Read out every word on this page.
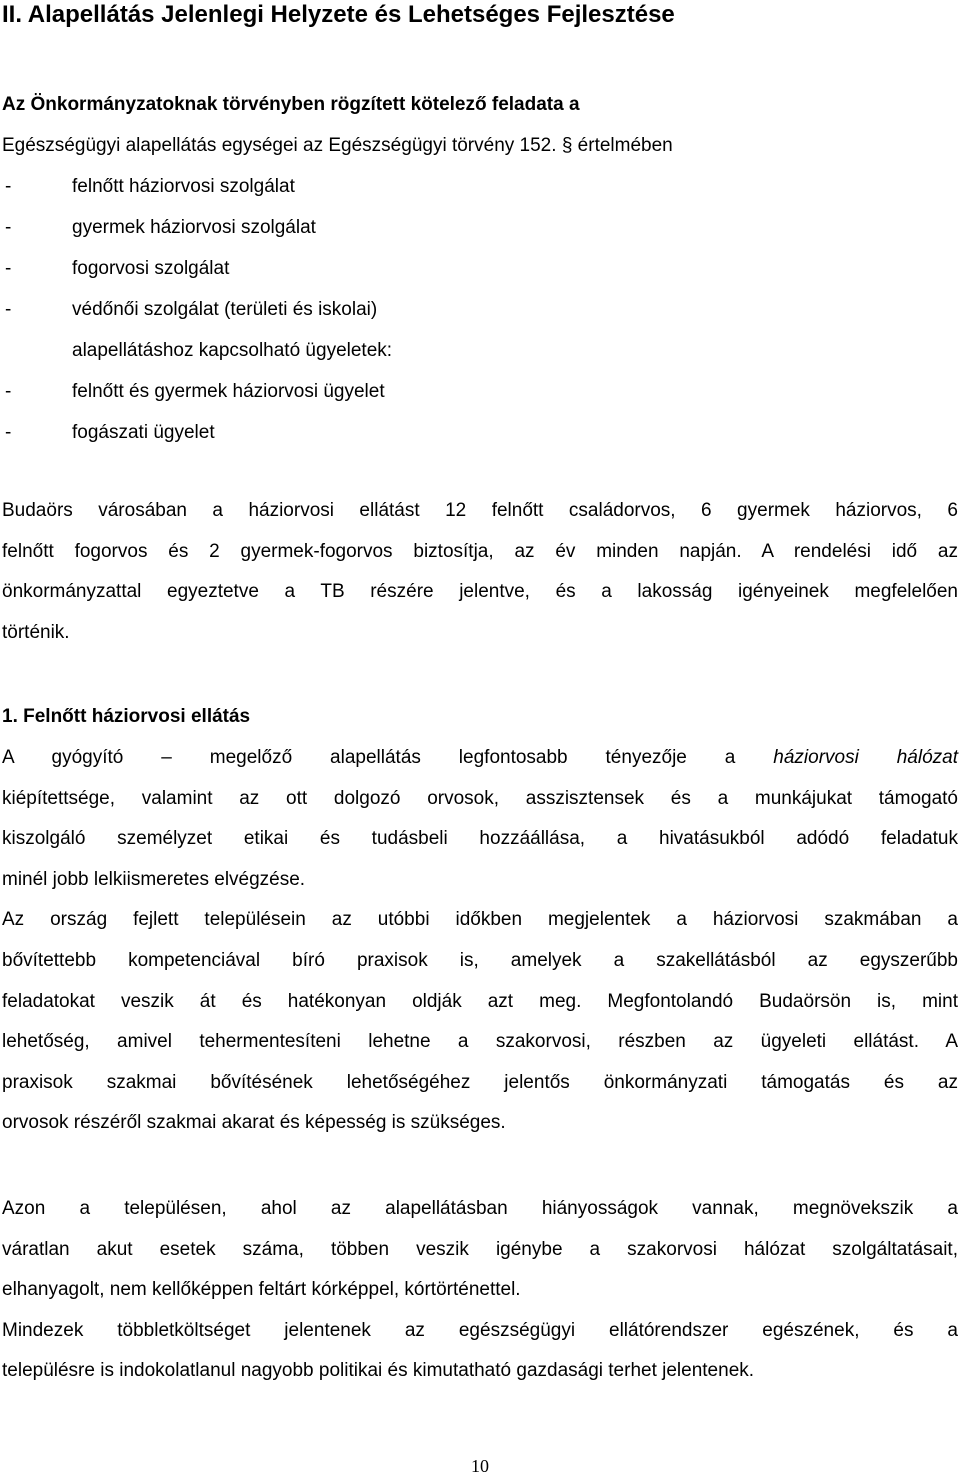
II. Alapellátás Jelenlegi Helyzete és Lehetséges Fejlesztése
Az Önkormányzatoknak törvényben rögzített kötelező feladata a
Egészségügyi alapellátás egységei az Egészségügyi törvény 152. § értelmében
-	felnőtt háziorvosi szolgálat
-	gyermek háziorvosi szolgálat
-	fogorvosi szolgálat
-	védőnői szolgálat (területi és iskolai)
alapellátáshoz kapcsolható ügyeletek:
-	felnőtt és gyermek háziorvosi ügyelet
-	fogászati ügyelet
Budaörs városában a háziorvosi ellátást 12 felnőtt családorvos, 6 gyermek háziorvos, 6
felnőtt fogorvos és 2 gyermek-fogorvos biztosítja, az év minden napján. A rendelési idő az
önkormányzattal egyeztetve a TB részére jelentve, és a lakosság igényeinek megfelelően
történik.
1. Felnőtt háziorvosi ellátás
A gyógyító – megelőző alapellátás legfontosabb tényezője a háziorvosi hálózat
kiépítettsége, valamint az ott dolgozó orvosok, asszisztensek és a munkájukat támogató
kiszolgáló személyzet etikai és tudásbeli hozzáállása, a hivatásukból adódó feladatuk
minél jobb lelkiismeretes elvégzése.
Az ország fejlett településein az utóbbi időkben megjelentek a háziorvosi szakmában a
bővítettebb kompetenciával bíró praxisok is, amelyek a szakellátásból az egyszerűbb
feladatokat veszik át és hatékonyan oldják azt meg. Megfontolandó Budaörsön is, mint
lehetőség, amivel tehermentesíteni lehetne a szakorvosi, részben az ügyeleti ellátást. A
praxisok szakmai bővítésének lehetőségéhez jelentős önkormányzati támogatás és az
orvosok részéről szakmai akarat és képesség is szükséges.
Azon a településen, ahol az alapellátásban hiányosságok vannak, megnövekszik a
váratlan akut esetek száma, többen veszik igénybe a szakorvosi hálózat szolgáltatásait,
elhanyagolt, nem kellőképpen feltárt kórképpel, kórtörténettel.
Mindezek többletköltséget jelentenek az egészségügyi ellátórendszer egészének, és a
településre is indokolatlanul nagyobb politikai és kimutatható gazdasági terhet jelentenek.
10
